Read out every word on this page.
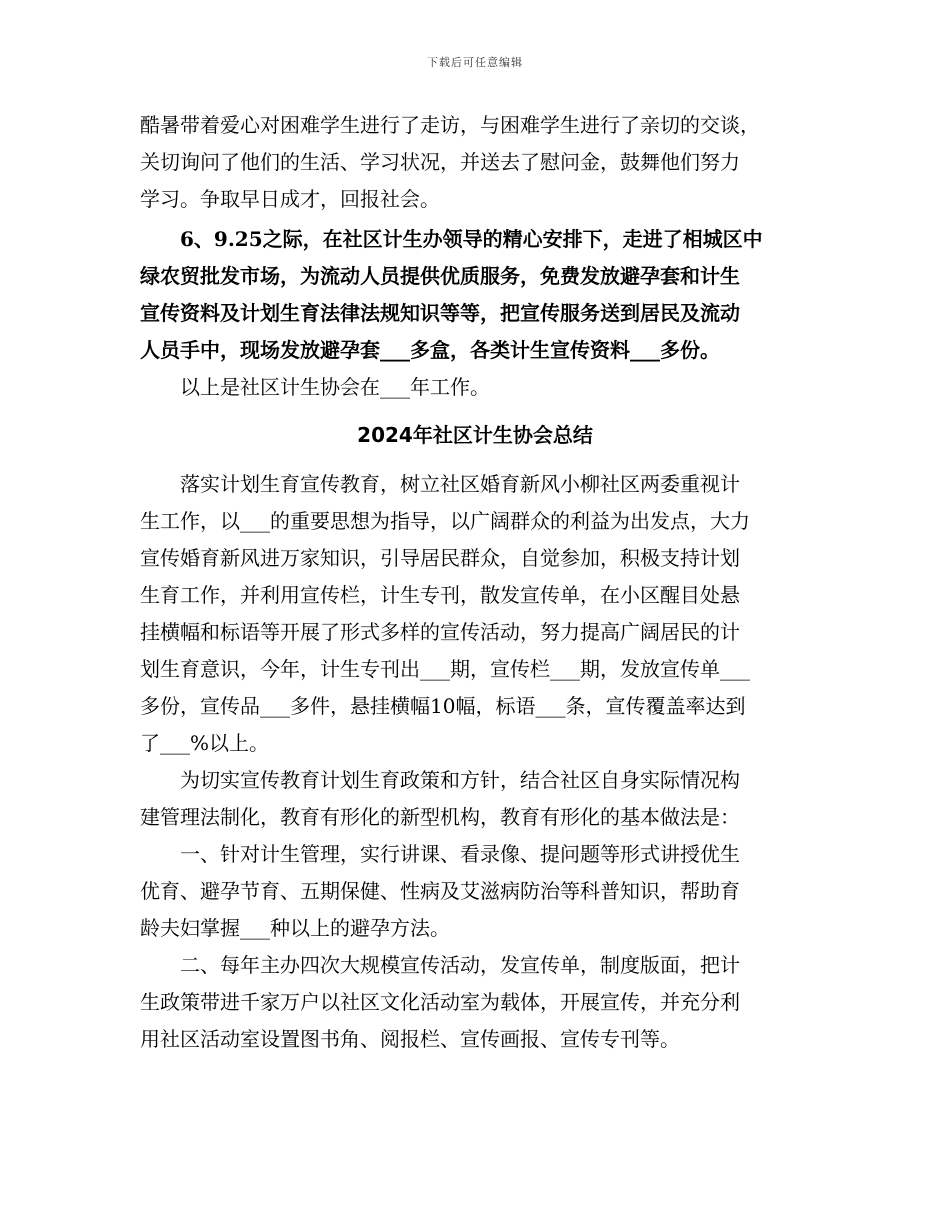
下载后可任意编辑
酷暑带着爱心对困难学生进行了走访，与困难学生进行了亲切的交谈，
关切询问了他们的生活、学习状况，并送去了慰问金，鼓舞他们努力
学习。争取早日成才，回报社会。
　　6、9.25之际，在社区计生办领导的精心安排下，走进了相城区中
绿农贸批发市场，为流动人员提供优质服务，免费发放避孕套和计生
宣传资料及计划生育法律法规知识等等，把宣传服务送到居民及流动
人员手中，现场发放避孕套___多盒，各类计生宣传资料___多份。
　　以上是社区计生协会在___年工作。
2024年社区计生协会总结
　　落实计划生育宣传教育，树立社区婚育新风小柳社区两委重视计
生工作，以___的重要思想为指导，以广阔群众的利益为出发点，大力
宣传婚育新风进万家知识，引导居民群众，自觉参加，积极支持计划
生育工作，并利用宣传栏，计生专刊，散发宣传单，在小区醒目处悬
挂横幅和标语等开展了形式多样的宣传活动，努力提高广阔居民的计
划生育意识，今年，计生专刊出___期，宣传栏___期，发放宣传单___
多份，宣传品___多件，悬挂横幅10幅，标语___条，宣传覆盖率达到
了___%以上。
　　为切实宣传教育计划生育政策和方针，结合社区自身实际情况构
建管理法制化，教育有形化的新型机构，教育有形化的基本做法是：
　　一、针对计生管理，实行讲课、看录像、提问题等形式讲授优生
优育、避孕节育、五期保健、性病及艾滋病防治等科普知识，帮助育
龄夫妇掌握___种以上的避孕方法。
　　二、每年主办四次大规模宣传活动，发宣传单，制度版面，把计
生政策带进千家万户以社区文化活动室为载体，开展宣传，并充分利
用社区活动室设置图书角、阅报栏、宣传画报、宣传专刊等。
